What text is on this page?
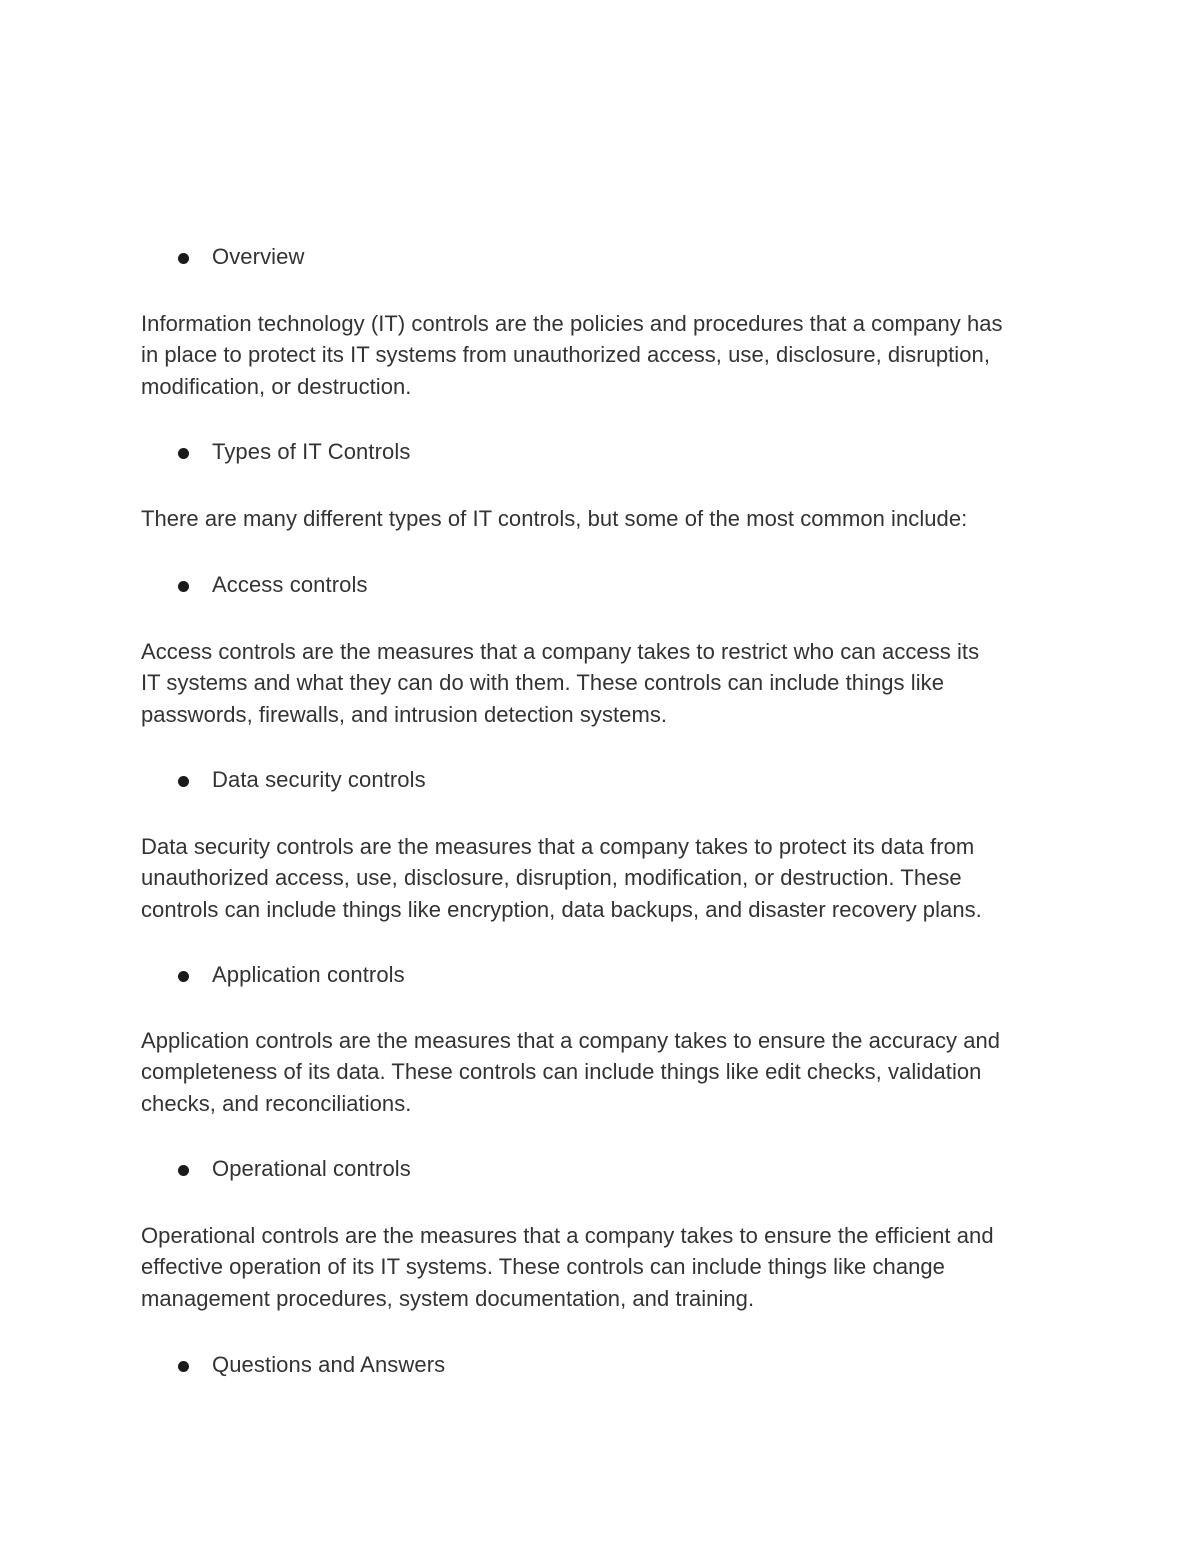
Overview

Information technology (IT) controls are the policies and procedures that a company has
in place to protect its IT systems from unauthorized access, use, disclosure, disruption,
modification, or destruction.

Types of IT Controls

There are many different types of IT controls, but some of the most common include:

Access controls

Access controls are the measures that a company takes to restrict who can access its
IT systems and what they can do with them. These controls can include things like
passwords, firewalls, and intrusion detection systems.

Data security controls

Data security controls are the measures that a company takes to protect its data from
unauthorized access, use, disclosure, disruption, modification, or destruction. These
controls can include things like encryption, data backups, and disaster recovery plans.

Application controls

Application controls are the measures that a company takes to ensure the accuracy and
completeness of its data. These controls can include things like edit checks, validation
checks, and reconciliations.

Operational controls

Operational controls are the measures that a company takes to ensure the efficient and
effective operation of its IT systems. These controls can include things like change
management procedures, system documentation, and training.

Questions and Answers
